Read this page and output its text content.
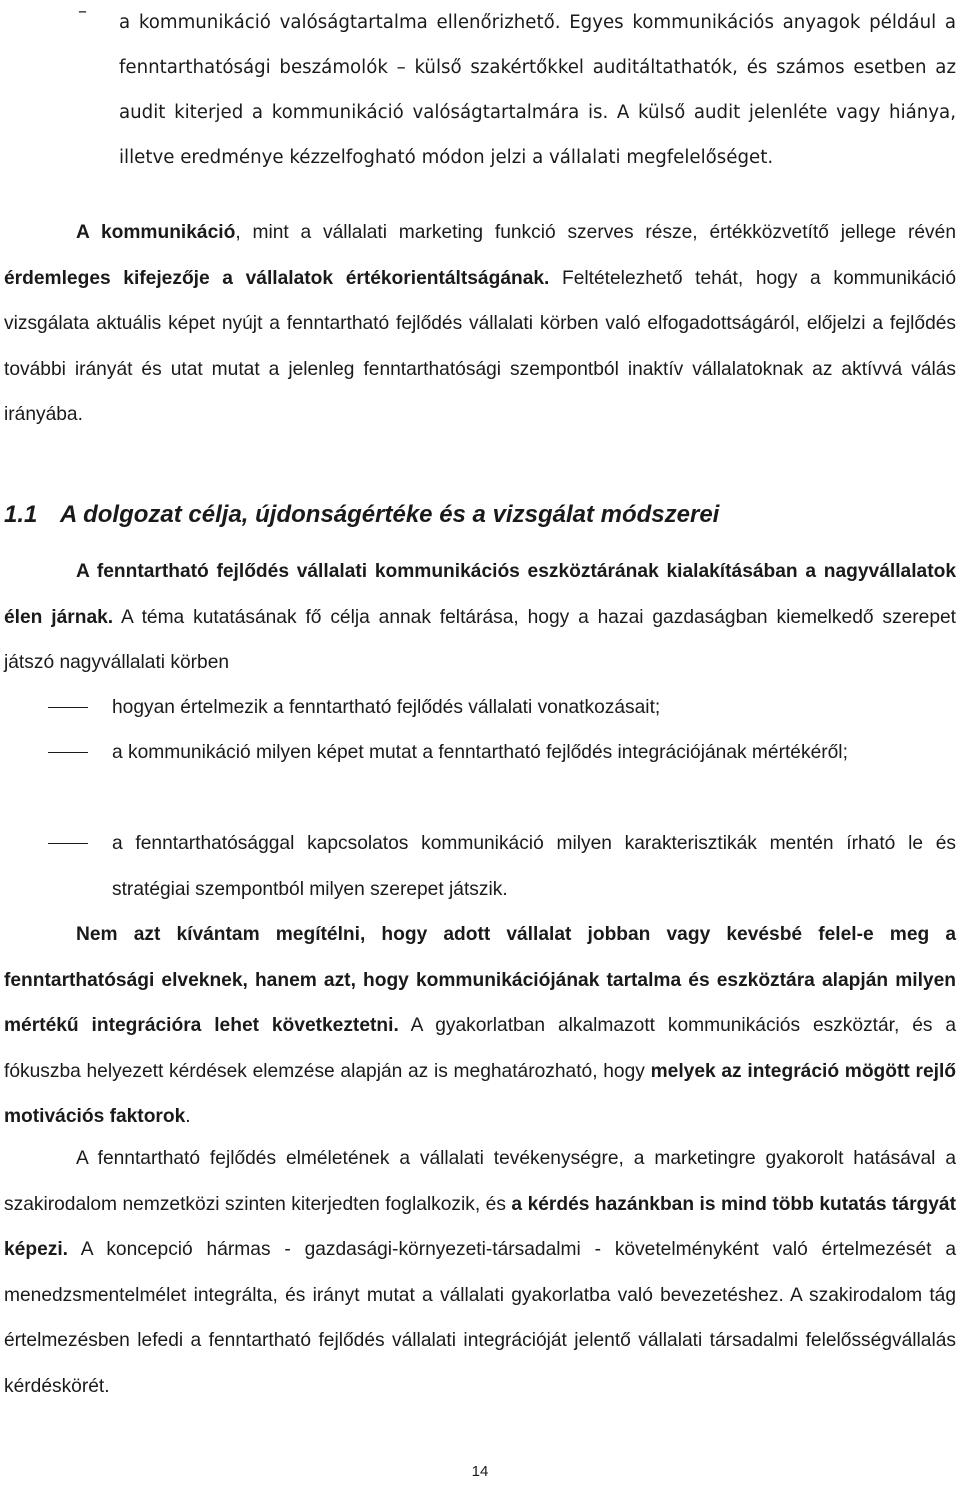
–

a kommunikáció valóságtartalma ellenőrizhető. Egyes kommunikációs anyagok például a fenntarthatósági beszámolók – külső szakértőkkel auditáltathatók, és számos esetben az audit kiterjed a kommunikáció valóságtartalmára is. A külső audit jelenléte vagy hiánya, illetve eredménye kézzelfogható módon jelzi a vállalati megfelelőséget.

A kommunikáció, mint a vállalati marketing funkció szerves része, értékközvetítő jellege révén érdemleges kifejezője a vállalatok értékorientáltságának. Feltételezhető tehát, hogy a kommunikáció vizsgálata aktuális képet nyújt a fenntartható fejlődés vállalati körben való elfogadottságáról, előjelzi a fejlődés további irányát és utat mutat a jelenleg fenntarthatósági szempontból inaktív vállalatoknak az aktívvá válás irányába.

1.1 A dolgozat célja, újdonságértéke és a vizsgálat módszerei

A fenntartható fejlődés vállalati kommunikációs eszköztárának kialakításában a nagyvállalatok élen járnak. A téma kutatásának fő célja annak feltárása, hogy a hazai gazdaságban kiemelkedő szerepet játszó nagyvállalati körben

hogyan értelmezik a fenntartható fejlődés vállalati vonatkozásait;

a kommunikáció milyen képet mutat a fenntartható fejlődés integrációjának mértékéről;

a fenntarthatósággal kapcsolatos kommunikáció milyen karakterisztikák mentén írható le és stratégiai szempontból milyen szerepet játszik.

Nem azt kívántam megítélni, hogy adott vállalat jobban vagy kevésbé felel-e meg a fenntarthatósági elveknek, hanem azt, hogy kommunikációjának tartalma és eszköztára alapján milyen mértékű integrációra lehet következtetni. A gyakorlatban alkalmazott kommunikációs eszköztár, és a fókuszba helyezett kérdések elemzése alapján az is meghatározható, hogy melyek az integráció mögött rejlő motivációs faktorok.

A fenntartható fejlődés elméletének a vállalati tevékenységre, a marketingre gyakorolt hatásával a szakirodalom nemzetközi szinten kiterjedten foglalkozik, és a kérdés hazánkban is mind több kutatás tárgyát képezi. A koncepció hármas - gazdasági-környezeti-társadalmi - követelményként való értelmezését a menedzsmentelmélet integrálta, és irányt mutat a vállalati gyakorlatba való bevezetéshez. A szakirodalom tág értelmezésben lefedi a fenntartható fejlődés vállalati integrációját jelentő vállalati társadalmi felelősségvállalás kérdéskörét.

14
